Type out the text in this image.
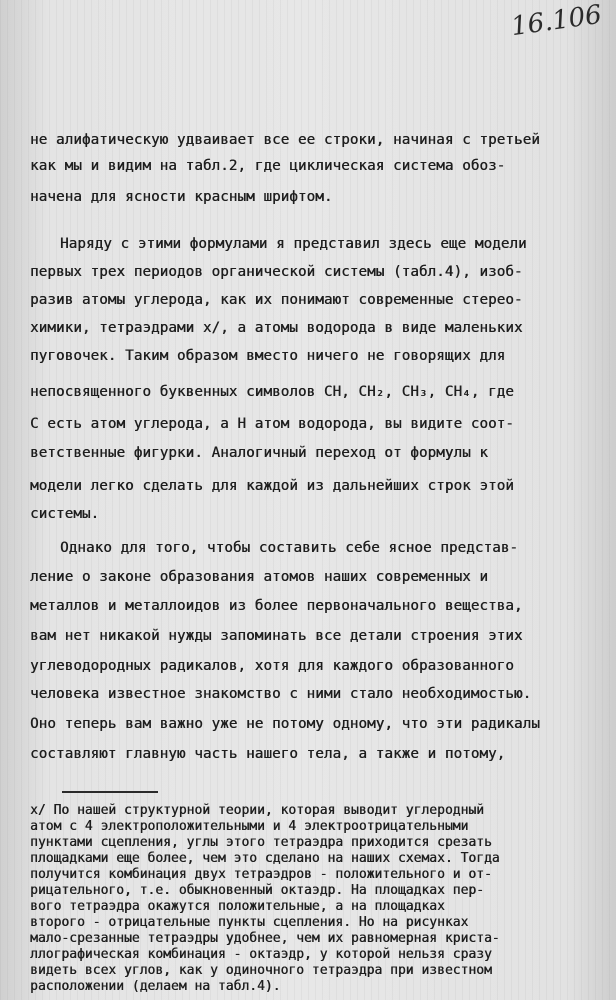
16.106
не алифатическую удваивает все ее строки, начиная с третьей
как мы и видим на табл.2, где циклическая система обоз-
начена для ясности красным шрифтом.
Наряду с этими формулами я представил здесь еще модели
первых трех периодов органической системы (табл.4), изоб-
разив атомы углерода, как их понимают современные стерео-
химики, тетраэдрами х/, а атомы водорода в виде маленьких
пуговочек. Таким образом вместо ничего не говорящих для
непосвященного буквенных символов СН, СН₂, СН₃, СН₄, где
С есть атом углерода, а Н атом водорода, вы видите соот-
ветственные фигурки. Аналогичный переход от формулы к
модели легко сделать для каждой из дальнейших строк этой
системы.
Однако для того, чтобы составить себе ясное представ-
ление о законе образования атомов наших современных и
металлов и металлоидов из более первоначального вещества,
вам нет никакой нужды запоминать все детали строения этих
углеводородных радикалов, хотя для каждого образованного
человека известное знакомство с ними стало необходимостью.
Оно теперь вам важно уже не потому одному, что эти радикалы
составляют главную часть нашего тела, а также и потому,
х/ По нашей структурной теории, которая выводит углеродный
атом с 4 электроположительными и 4 электроотрицательными
пунктами сцепления, углы этого тетраэдра приходится срезать
площадками еще более, чем это сделано на наших схемах. Тогда
получится комбинация двух тетраэдров - положительного и от-
рицательного, т.е. обыкновенный октаэдр. На площадках пер-
вого тетраэдра окажутся положительные, а на площадках
второго - отрицательные пункты сцепления. Но на рисунках
мало-срезанные тетраэдры удобнее, чем их равномерная криста-
ллографическая комбинация - октаэдр, у которой нельзя сразу
видеть всех углов, как у одиночного тетраэдра при известном
расположении (делаем на табл.4).
